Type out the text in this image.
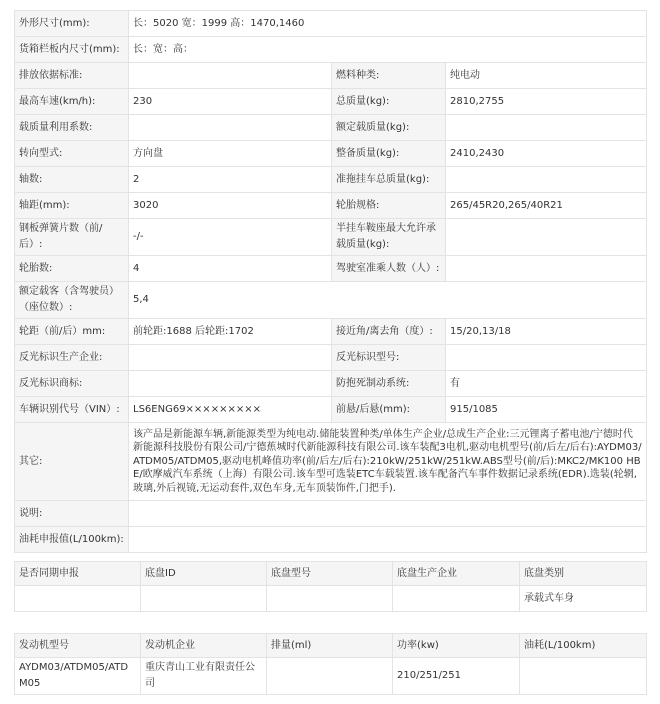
外形尺寸(mm):	长：5020 宽：1999 高：1470,1460		
货箱栏板内尺寸(mm):	长：宽：高：		
排放依据标准:		燃料种类:	纯电动
最高车速(km/h):	230	总质量(kg):	2810,2755
载质量利用系数:		额定载质量(kg):	
转向型式:	方向盘	整备质量(kg):	2410,2430
轴数:	2	准拖挂车总质量(kg):	
轴距(mm):	3020	轮胎规格:	265/45R20,265/40R21
钢板弹簧片数（前/后）:	-/-	半挂车鞍座最大允许承载质量(kg):	
轮胎数:	4	驾驶室准乘人数（人）:	
额定载客（含驾驶员）（座位数）:	5,4		
轮距（前/后）mm:	前轮距:1688 后轮距:1702	接近角/离去角（度）:	15/20,13/18
反光标识生产企业:		反光标识型号:	
反光标识商标:		防抱死制动系统:	有
车辆识别代号（VIN）:	LS6ENG69×××××××××	前悬/后悬(mm):	915/1085
其它:	该产品是新能源车辆,新能源类型为纯电动.储能装置种类/单体生产企业/总成生产企业:三元锂离子蓄电池/宁德时代新能源科技股份有限公司/宁德蕉城时代新能源科技有限公司.该车装配3电机,驱动电机型号(前/后左/后右):AYDM03/ATDM05/ATDM05,驱动电机峰值功率(前/后左/后右):210kW/251kW/251kW.ABS型号(前/后):MKC2/MK100 HBE/欧摩威汽车系统（上海）有限公司.该车型可选装ETC车载装置.该车配备汽车事件数据记录系统(EDR).选装(轮辋,玻璃,外后视镜,无运动套件,双色车身,无车顶装饰件,门把手).		
说明:			
油耗申报值(L/100km):			
是否同期申报	底盘ID	底盘型号	底盘生产企业	底盘类别
				承载式车身
发动机型号	发动机企业	排量(ml)	功率(kw)	油耗(L/100km)
AYDM03/ATDM05/ATDM05	重庆青山工业有限责任公司		210/251/251	
